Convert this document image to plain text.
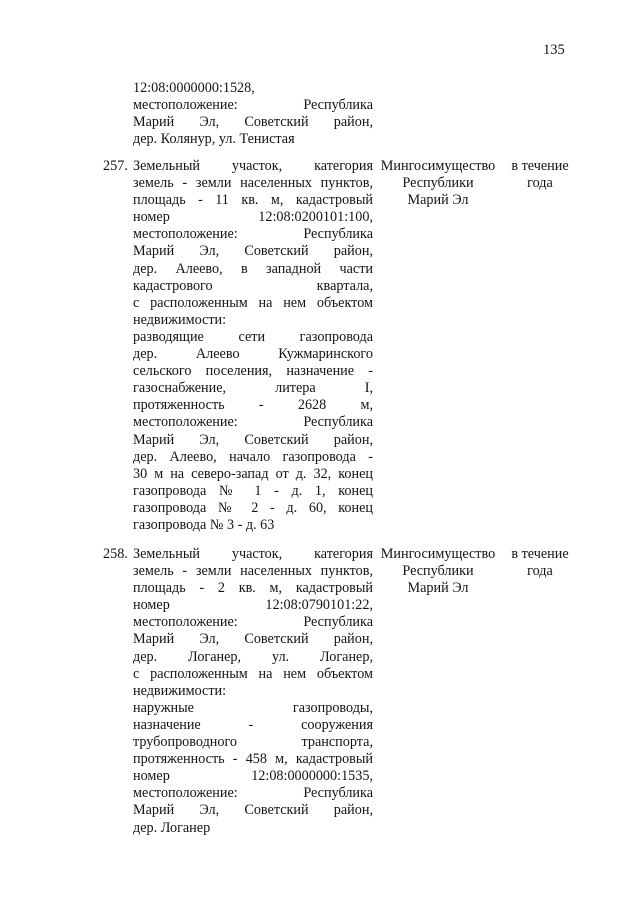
135
12:08:0000000:1528,
местоположение: Республика
Марий Эл, Советский район,
дер. Колянур, ул. Тенистая
257. Земельный участок, категория
земель - земли населенных пунктов,
площадь - 11 кв. м, кадастровый
номер 12:08:0200101:100,
местоположение: Республика
Марий Эл, Советский район,
дер. Алеево, в западной части
кадастрового квартала,
с расположенным на нем объектом
недвижимости:
разводящие сети газопровода
дер. Алеево Кужмаринского
сельского поселения, назначение -
газоснабжение, литера I,
протяженность - 2628 м,
местоположение: Республика
Марий Эл, Советский район,
дер. Алеево, начало газопровода -
30 м на северо-запад от д. 32, конец
газопровода № 1 - д. 1, конец
газопровода № 2 - д. 60, конец
газопровода № 3 - д. 63
Мингосимущество
Республики
Марий Эл
в течение
года
258. Земельный участок, категория
земель - земли населенных пунктов,
площадь - 2 кв. м, кадастровый
номер 12:08:0790101:22,
местоположение: Республика
Марий Эл, Советский район,
дер. Логанер, ул. Логанер,
с расположенным на нем объектом
недвижимости:
наружные газопроводы,
назначение - сооружения
трубопроводного транспорта,
протяженность - 458 м, кадастровый
номер 12:08:0000000:1535,
местоположение: Республика
Марий Эл, Советский район,
дер. Логанер
Мингосимущество
Республики
Марий Эл
в течение
года
